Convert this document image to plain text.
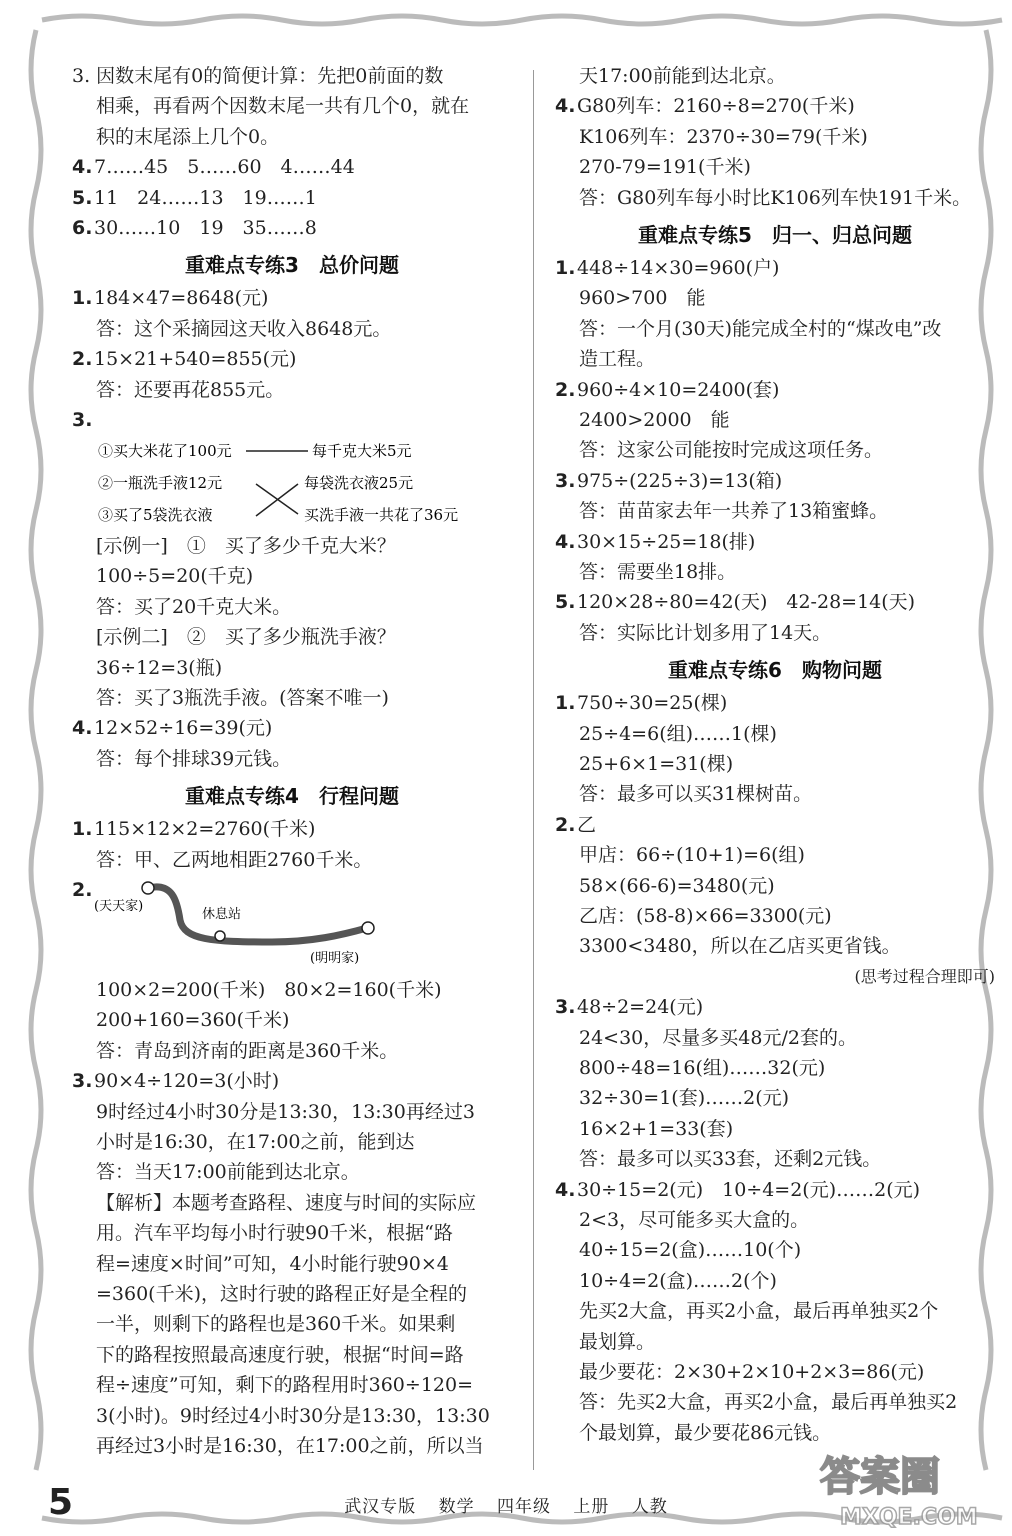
3. 因数末尾有0的简便计算：先把0前面的数
相乘，再看两个因数末尾一共有几个0，就在
积的末尾添上几个0。
4.7……45　5……60　4……44
5.11　24……13　19……1
6.30……10　19　35……8
重难点专练3　总价问题
1.184×47=8648(元)
答：这个采摘园这天收入8648元。
2.15×21+540=855(元)
答：还要再花855元。
3.
[示例一]　①　买了多少千克大米？
100÷5=20(千克)
答：买了20千克大米。
[示例二]　②　买了多少瓶洗手液？
36÷12=3(瓶)
答：买了3瓶洗手液。(答案不唯一)
4.12×52÷16=39(元)
答：每个排球39元钱。
重难点专练4　行程问题
1.115×12×2=2760(千米)
答：甲、乙两地相距2760千米。
2.
100×2=200(千米)　80×2=160(千米)
200+160=360(千米)
答：青岛到济南的距离是360千米。
3.90×4÷120=3(小时)
9时经过4小时30分是13:30，13:30再经过3
小时是16:30，在17:00之前，能到达
答：当天17:00前能到达北京。
【解析】本题考查路程、速度与时间的实际应
用。汽车平均每小时行驶90千米，根据“路
程=速度×时间”可知，4小时能行驶90×4
=360(千米)，这时行驶的路程正好是全程的
一半，则剩下的路程也是360千米。如果剩
下的路程按照最高速度行驶，根据“时间=路
程÷速度”可知，剩下的路程用时360÷120=
3(小时)。9时经过4小时30分是13:30，13:30
再经过3小时是16:30，在17:00之前，所以当
天17:00前能到达北京。
4.G80列车：2160÷8=270(千米)
K106列车：2370÷30=79(千米)
270-79=191(千米)
答：G80列车每小时比K106列车快191千米。
重难点专练5　归一、归总问题
1.448÷14×30=960(户)
960>700　能
答：一个月(30天)能完成全村的“煤改电”改
造工程。
2.960÷4×10=2400(套)
2400>2000　能
答：这家公司能按时完成这项任务。
3.975÷(225÷3)=13(箱)
答：苗苗家去年一共养了13箱蜜蜂。
4.30×15÷25=18(排)
答：需要坐18排。
5.120×28÷80=42(天)　42-28=14(天)
答：实际比计划多用了14天。
重难点专练6　购物问题
1.750÷30=25(棵)
25÷4=6(组)……1(棵)
25+6×1=31(棵)
答：最多可以买31棵树苗。
2.乙
甲店：66÷(10+1)=6(组)
58×(66-6)=3480(元)
乙店：(58-8)×66=3300(元)
3300<3480，所以在乙店买更省钱。
(思考过程合理即可)
3.48÷2=24(元)
24<30，尽量多买48元/2套的。
800÷48=16(组)……32(元)
32÷30=1(套)……2(元)
16×2+1=33(套)
答：最多可以买33套，还剩2元钱。
4.30÷15=2(元)　10÷4=2(元)……2(元)
2<3，尽可能多买大盒的。
40÷15=2(盒)……10(个)
10÷4=2(盒)……2(个)
先买2大盒，再买2小盒，最后再单独买2个
最划算。
最少要花：2×30+2×10+2×3=86(元)
答：先买2大盒，再买2小盒，最后再单独买2
个最划算，最少要花86元钱。
①买大米花了100元
②一瓶洗手液12元
③买了5袋洗衣液
每千克大米5元
每袋洗衣液25元
买洗手液一共花了36元
(天天家)
休息站
(明明家)
5	武汉专版 数学 四年级 上册 人教
答案圈
MXQE.COM
